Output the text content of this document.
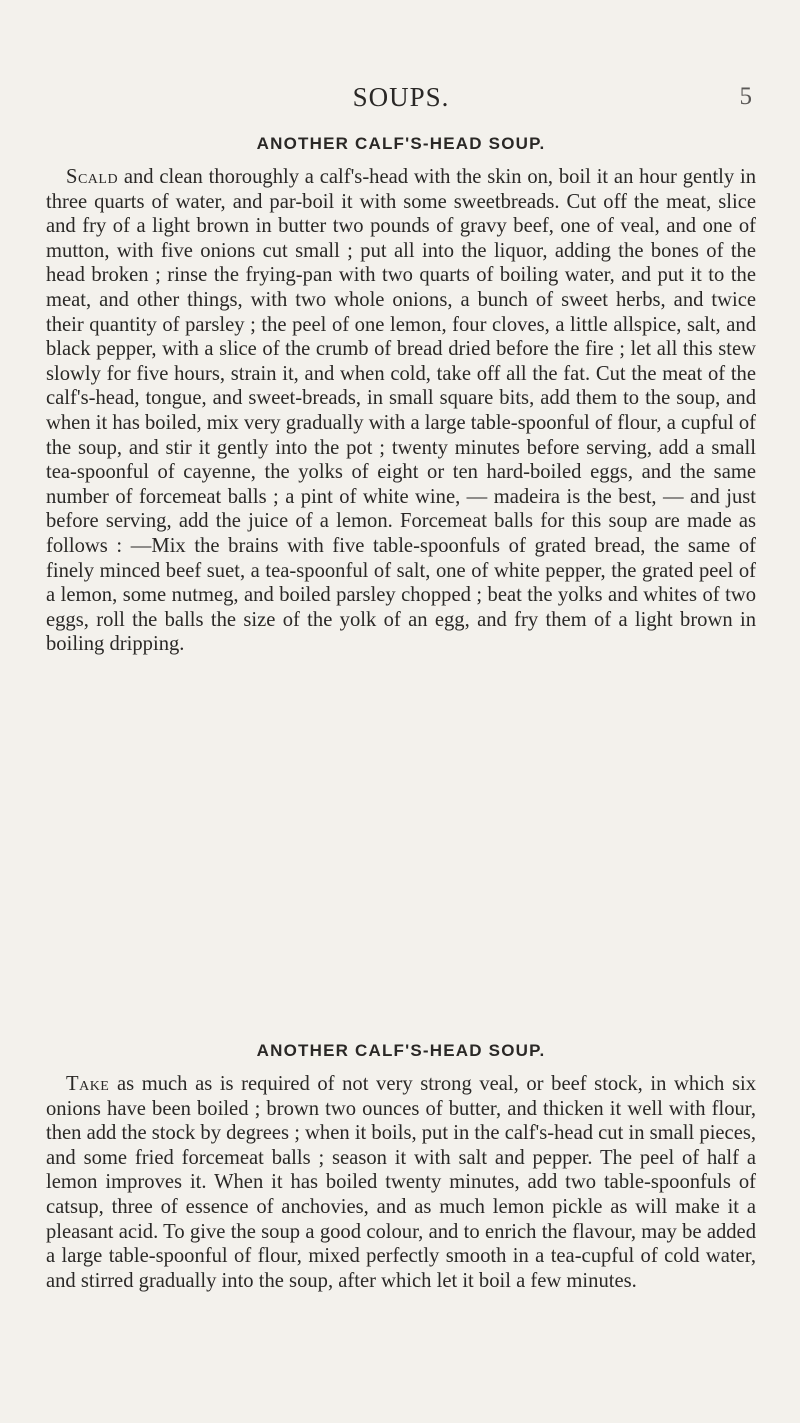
SOUPS.	5
ANOTHER CALF'S-HEAD SOUP.

Scald and clean thoroughly a calf's-head with the skin on, boil it an hour gently in three quarts of water, and par-boil it with some sweetbreads. Cut off the meat, slice and fry of a light brown in butter two pounds of gravy beef, one of veal, and one of mutton, with five onions cut small ; put all into the liquor, adding the bones of the head broken ; rinse the frying-pan with two quarts of boiling water, and put it to the meat, and other things, with two whole onions, a bunch of sweet herbs, and twice their quantity of parsley ; the peel of one lemon, four cloves, a little allspice, salt, and black pepper, with a slice of the crumb of bread dried before the fire ; let all this stew slowly for five hours, strain it, and when cold, take off all the fat. Cut the meat of the calf's-head, tongue, and sweet-breads, in small square bits, add them to the soup, and when it has boiled, mix very gradually with a large table-spoonful of flour, a cupful of the soup, and stir it gently into the pot ; twenty minutes before serving, add a small tea-spoonful of cayenne, the yolks of eight or ten hard-boiled eggs, and the same number of forcemeat balls ; a pint of white wine, — madeira is the best, — and just before serving, add the juice of a lemon. Forcemeat balls for this soup are made as follows : —Mix the brains with five table-spoonfuls of grated bread, the same of finely minced beef suet, a tea-spoonful of salt, one of white pepper, the grated peel of a lemon, some nutmeg, and boiled parsley chopped ; beat the yolks and whites of two eggs, roll the balls the size of the yolk of an egg, and fry them of a light brown in boiling dripping.

ANOTHER CALF'S-HEAD SOUP.

Take as much as is required of not very strong veal, or beef stock, in which six onions have been boiled ; brown two ounces of butter, and thicken it well with flour, then add the stock by degrees ; when it boils, put in the calf's-head cut in small pieces, and some fried forcemeat balls ; season it with salt and pepper. The peel of half a lemon improves it. When it has boiled twenty minutes, add two table-spoonfuls of catsup, three of essence of anchovies, and as much lemon pickle as will make it a pleasant acid. To give the soup a good colour, and to enrich the flavour, may be added a large table-spoonful of flour, mixed perfectly smooth in a tea-cupful of cold water, and stirred gradually into the soup, after which let it boil a few minutes.
